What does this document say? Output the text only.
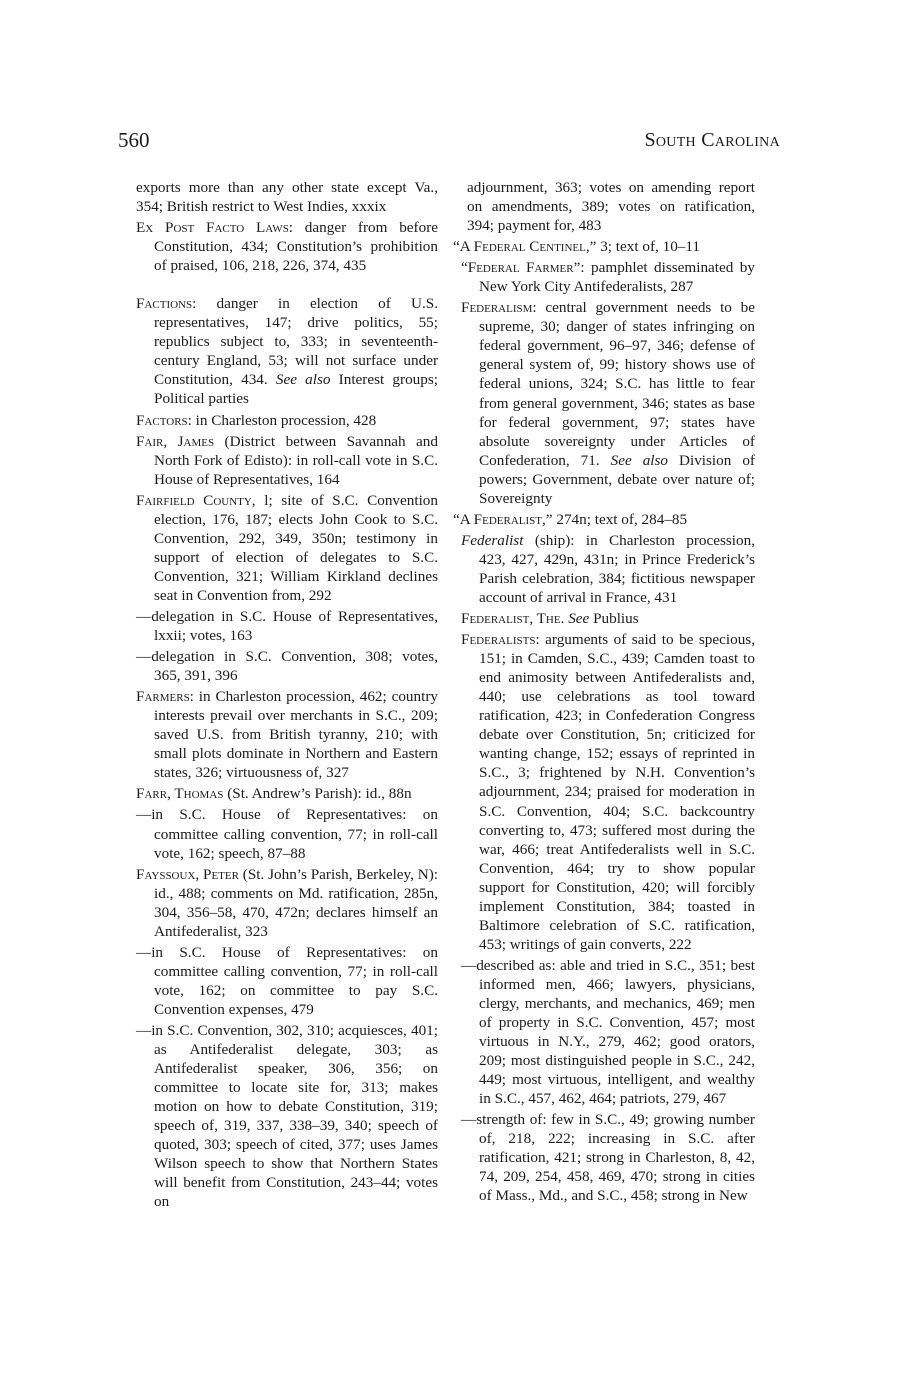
560	South Carolina

exports more than any other state except Va., 354; British restrict to West Indies, xxxix

Ex Post Facto Laws: danger from before Constitution, 434; Constitution’s prohibition of praised, 106, 218, 226, 374, 435

Factions: danger in election of U.S. representatives, 147; drive politics, 55; republics subject to, 333; in seventeenth-century England, 53; will not surface under Constitution, 434. See also Interest groups; Political parties

Factors: in Charleston procession, 428

Fair, James (District between Savannah and North Fork of Edisto): in roll-call vote in S.C. House of Representatives, 164

Fairfield County, l; site of S.C. Convention election, 176, 187; elects John Cook to S.C. Convention, 292, 349, 350n; testimony in support of election of delegates to S.C. Convention, 321; William Kirkland declines seat in Convention from, 292

—delegation in S.C. House of Representatives, lxxii; votes, 163

—delegation in S.C. Convention, 308; votes, 365, 391, 396

Farmers: in Charleston procession, 462; country interests prevail over merchants in S.C., 209; saved U.S. from British tyranny, 210; with small plots dominate in Northern and Eastern states, 326; virtuousness of, 327

Farr, Thomas (St. Andrew’s Parish): id., 88n

—in S.C. House of Representatives: on committee calling convention, 77; in roll-call vote, 162; speech, 87–88

Fayssoux, Peter (St. John’s Parish, Berkeley, N): id., 488; comments on Md. ratification, 285n, 304, 356–58, 470, 472n; declares himself an Antifederalist, 323

—in S.C. House of Representatives: on committee calling convention, 77; in roll-call vote, 162; on committee to pay S.C. Convention expenses, 479

—in S.C. Convention, 302, 310; acquiesces, 401; as Antifederalist delegate, 303; as Antifederalist speaker, 306, 356; on committee to locate site for, 313; makes motion on how to debate Constitution, 319; speech of, 319, 337, 338–39, 340; speech of quoted, 303; speech of cited, 377; uses James Wilson speech to show that Northern States will benefit from Constitution, 243–44; votes on

adjournment, 363; votes on amending report on amendments, 389; votes on ratification, 394; payment for, 483

“A Federal Centinel,” 3; text of, 10–11

“Federal Farmer”: pamphlet disseminated by New York City Antifederalists, 287

Federalism: central government needs to be supreme, 30; danger of states infringing on federal government, 96–97, 346; defense of general system of, 99; history shows use of federal unions, 324; S.C. has little to fear from general government, 346; states as base for federal government, 97; states have absolute sovereignty under Articles of Confederation, 71. See also Division of powers; Government, debate over nature of; Sovereignty

“A Federalist,” 274n; text of, 284–85

Federalist (ship): in Charleston procession, 423, 427, 429n, 431n; in Prince Frederick’s Parish celebration, 384; fictitious newspaper account of arrival in France, 431

Federalist, The. See Publius

Federalists: arguments of said to be specious, 151; in Camden, S.C., 439; Camden toast to end animosity between Antifederalists and, 440; use celebrations as tool toward ratification, 423; in Confederation Congress debate over Constitution, 5n; criticized for wanting change, 152; essays of reprinted in S.C., 3; frightened by N.H. Convention’s adjournment, 234; praised for moderation in S.C. Convention, 404; S.C. backcountry converting to, 473; suffered most during the war, 466; treat Antifederalists well in S.C. Convention, 464; try to show popular support for Constitution, 420; will forcibly implement Constitution, 384; toasted in Baltimore celebration of S.C. ratification, 453; writings of gain converts, 222

—described as: able and tried in S.C., 351; best informed men, 466; lawyers, physicians, clergy, merchants, and mechanics, 469; men of property in S.C. Convention, 457; most virtuous in N.Y., 279, 462; good orators, 209; most distinguished people in S.C., 242, 449; most virtuous, intelligent, and wealthy in S.C., 457, 462, 464; patriots, 279, 467

—strength of: few in S.C., 49; growing number of, 218, 222; increasing in S.C. after ratification, 421; strong in Charleston, 8, 42, 74, 209, 254, 458, 469, 470; strong in cities of Mass., Md., and S.C., 458; strong in New
